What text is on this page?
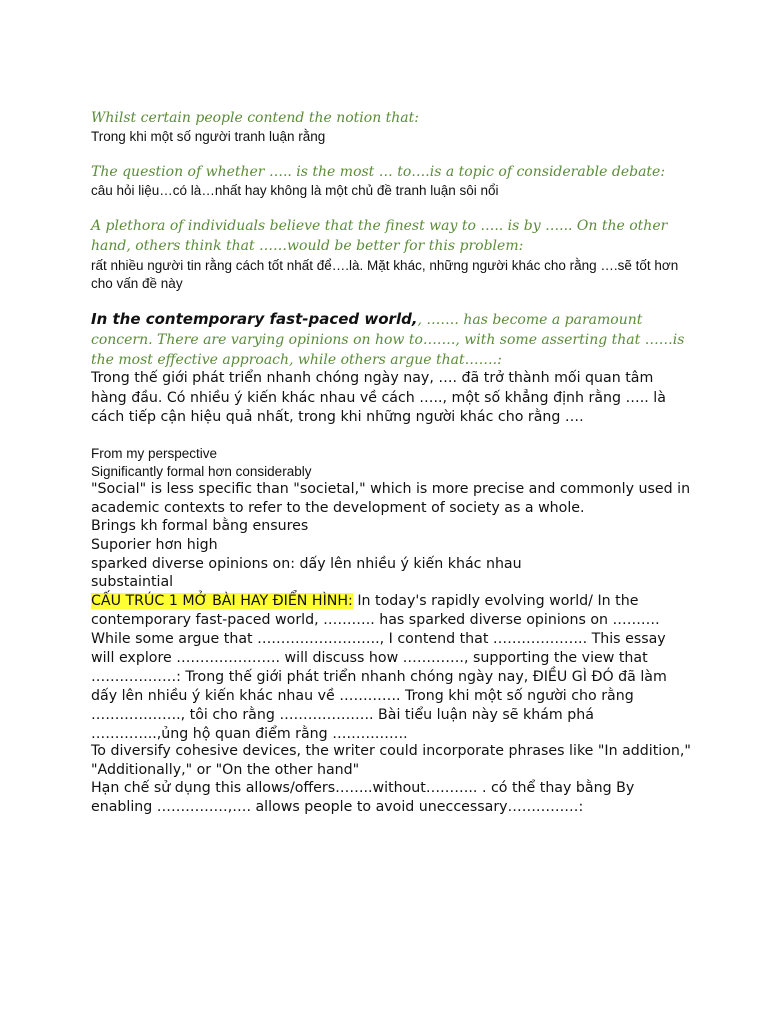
Whilst certain people contend the notion that:

Trong khi một số người tranh luận rằng

The question of whether ….. is the most … to….is a topic of considerable debate:

câu hỏi liệu…có là…nhất hay không là một chủ đề tranh luận sôi nổi

A plethora of individuals believe that the finest way to ….. is by …... On the other hand, others think that ……would be better for this problem:

rất nhiều người tin rằng cách tốt nhất để….là. Mặt khác, những người khác cho rằng ….sẽ tốt hơn cho vấn đề này

In the contemporary fast-paced world,, ……. has become a paramount concern. There are varying opinions on how to……., with some asserting that ……is the most effective approach, while others argue that…….:

Trong thế giới phát triển nhanh chóng ngày nay, …. đã trở thành mối quan tâm hàng đầu. Có nhiều ý kiến khác nhau về cách ….., một số khẳng định rằng ….. là cách tiếp cận hiệu quả nhất, trong khi những người khác cho rằng ….

From my perspective

Significantly formal hơn considerably

"Social" is less specific than "societal," which is more precise and commonly used in academic contexts to refer to the development of society as a whole.

Brings kh formal bằng ensures

Suporier hơn high

sparked diverse opinions on: dấy lên nhiều ý kiến khác nhau

substaintial

CẤU TRÚC 1 MỞ BÀI HAY ĐIỂN HÌNH: In today's rapidly evolving world/ In the contemporary fast-paced world, ……….. has sparked diverse opinions on ………. While some argue that …………………….., I contend that ……………….. This essay will explore …………………. will discuss how …………., supporting the view that ………………: Trong thế giới phát triển nhanh chóng ngày nay, ĐIỀU GÌ ĐÓ đã làm dấy lên nhiều ý kiến khác nhau về …………. Trong khi một số người cho rằng ………………., tôi cho rằng ……………….. Bài tiểu luận này sẽ khám phá …………..,ủng hộ quan điểm rằng …………….

To diversify cohesive devices, the writer could incorporate phrases like "In addition," "Additionally," or "On the other hand"

Hạn chế sử dụng this allows/offers……..without……….. . có thể thay bằng By enabling ……………,…. allows people to avoid uneccessary……………:
